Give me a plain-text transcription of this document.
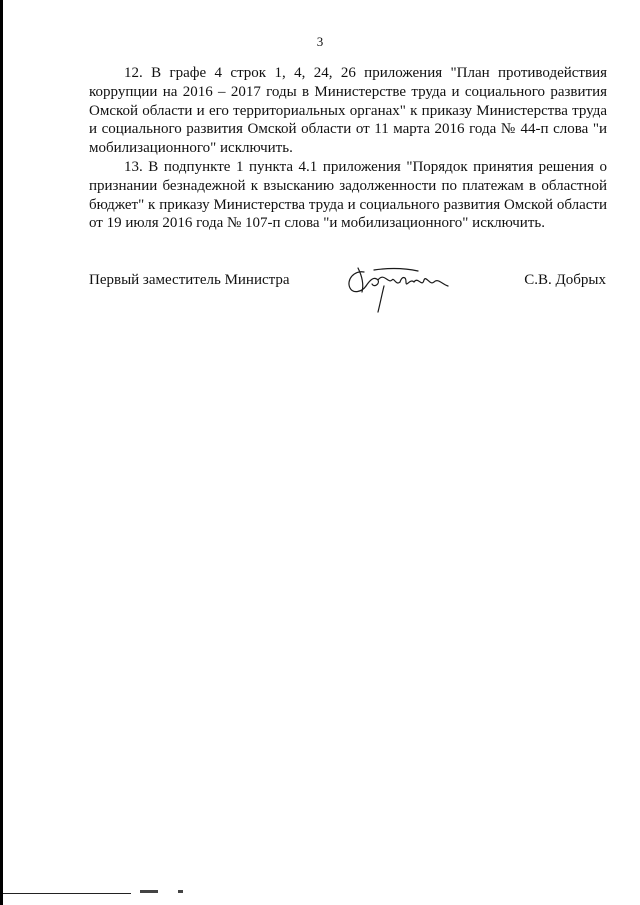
3

12. В графе 4 строк 1, 4, 24, 26 приложения "План противодействия коррупции на 2016 – 2017 годы в Министерстве труда и социального развития Омской области и его территориальных органах" к приказу Министерства труда и социального развития Омской области от 11 марта 2016 года № 44-п слова "и мобилизационного" исключить.

13. В подпункте 1 пункта 4.1 приложения "Порядок принятия решения о признании безнадежной к взысканию задолженности по платежам в областной бюджет" к приказу Министерства труда и социального развития Омской области от 19 июля 2016 года № 107-п слова "и мобилизационного" исключить.

Первый заместитель Министра	С.В. Добрых
